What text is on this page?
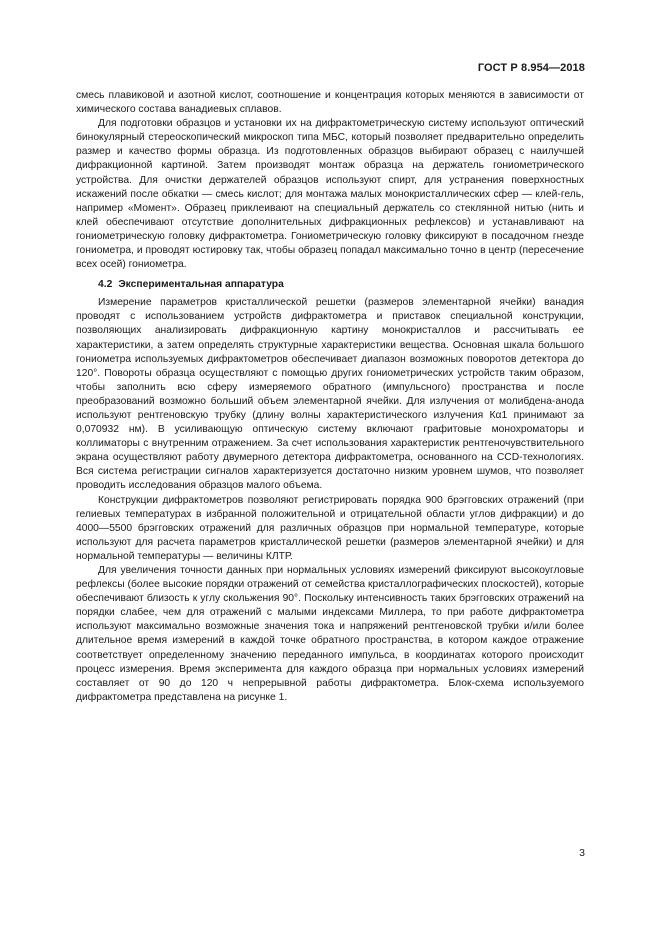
ГОСТ Р 8.954—2018

смесь плавиковой и азотной кислот, соотношение и концентрация которых меняются в зависимости от химического состава ванадиевых сплавов.

Для подготовки образцов и установки их на дифрактометрическую систему используют оптический бинокулярный стереоскопический микроскоп типа МБС, который позволяет предварительно определить размер и качество формы образца. Из подготовленных образцов выбирают образец с наилучшей дифракционной картиной. Затем производят монтаж образца на держатель гониометрического устройства. Для очистки держателей образцов используют спирт, для устранения поверхностных искажений после обкатки — смесь кислот; для монтажа малых монокристаллических сфер — клей-гель, например «Момент». Образец приклеивают на специальный держатель со стеклянной нитью (нить и клей обеспечивают отсутствие дополнительных дифракционных рефлексов) и устанавливают на гониометрическую головку дифрактометра. Гониометрическую головку фиксируют в посадочном гнезде гониометра, и проводят юстировку так, чтобы образец попадал максимально точно в центр (пересечение всех осей) гониометра.

4.2 Экспериментальная аппаратура

Измерение параметров кристаллической решетки (размеров элементарной ячейки) ванадия проводят с использованием устройств дифрактометра и приставок специальной конструкции, позволяющих анализировать дифракционную картину монокристаллов и рассчитывать ее характеристики, а затем определять структурные характеристики вещества. Основная шкала большого гониометра используемых дифрактометров обеспечивает диапазон возможных поворотов детектора до 120°. Повороты образца осуществляют с помощью других гониометрических устройств таким образом, чтобы заполнить всю сферу измеряемого обратного (импульсного) пространства и после преобразований возможно больший объем элементарной ячейки. Для излучения от молибдена-анода используют рентгеновскую трубку (длину волны характеристического излучения Кα1 принимают за 0,070932 нм). В усиливающую оптическую систему включают графитовые монохроматоры и коллиматоры с внутренним отражением. За счет использования характеристик рентгеночувствительного экрана осуществляют работу двумерного детектора дифрактометра, основанного на CCD-технологиях. Вся система регистрации сигналов характеризуется достаточно низким уровнем шумов, что позволяет проводить исследования образцов малого объема.

Конструкции дифрактометров позволяют регистрировать порядка 900 брэгговских отражений (при гелиевых температурах в избранной положительной и отрицательной области углов дифракции) и до 4000—5500 брэгговских отражений для различных образцов при нормальной температуре, которые используют для расчета параметров кристаллической решетки (размеров элементарной ячейки) и для нормальной температуры — величины КЛТР.

Для увеличения точности данных при нормальных условиях измерений фиксируют высокоугловые рефлексы (более высокие порядки отражений от семейства кристаллографических плоскостей), которые обеспечивают близость к углу скольжения 90°. Поскольку интенсивность таких брэгговских отражений на порядки слабее, чем для отражений с малыми индексами Миллера, то при работе дифрактометра используют максимально возможные значения тока и напряжений рентгеновской трубки и/или более длительное время измерений в каждой точке обратного пространства, в котором каждое отражение соответствует определенному значению переданного импульса, в координатах которого происходит процесс измерения. Время эксперимента для каждого образца при нормальных условиях измерений составляет от 90 до 120 ч непрерывной работы дифрактометра. Блок-схема используемого дифрактометра представлена на рисунке 1.

3
